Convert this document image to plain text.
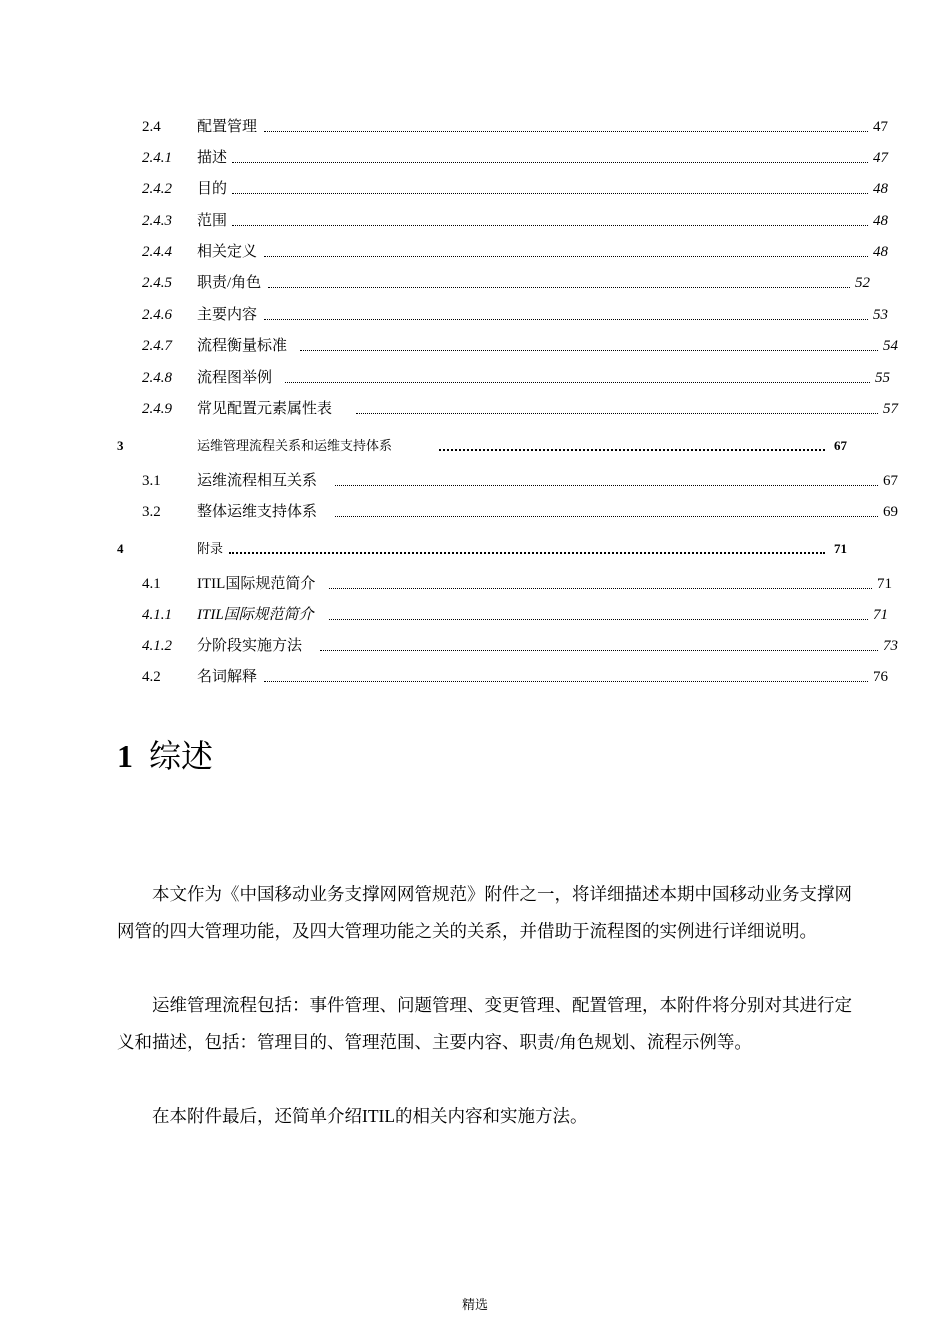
2.4 配置管理	47
2.4.1 描述	47
2.4.2 目的	48
2.4.3 范围	48
2.4.4 相关定义	48
2.4.5 职责/角色	52
2.4.6 主要内容	53
2.4.7 流程衡量标准	54
2.4.8 流程图举例	55
2.4.9 常见配置元素属性表	57
3	运维管理流程关系和运维支持体系	67
3.1 运维流程相互关系	67
3.2 整体运维支持体系	69
4	附录	71
4.1 ITIL国际规范简介	71
4.1.1 ITIL国际规范简介	71
4.1.2 分阶段实施方法	73
4.2 名词解释	76
1 综述

本文作为《中国移动业务支撑网网管规范》附件之一，将详细描述本期中国移动业务支撑网网管的四大管理功能，及四大管理功能之关的关系，并借助于流程图的实例进行详细说明。

运维管理流程包括：事件管理、问题管理、变更管理、配置管理，本附件将分别对其进行定义和描述，包括：管理目的、管理范围、主要内容、职责/角色规划、流程示例等。

在本附件最后，还简单介绍ITIL的相关内容和实施方法。

精选
